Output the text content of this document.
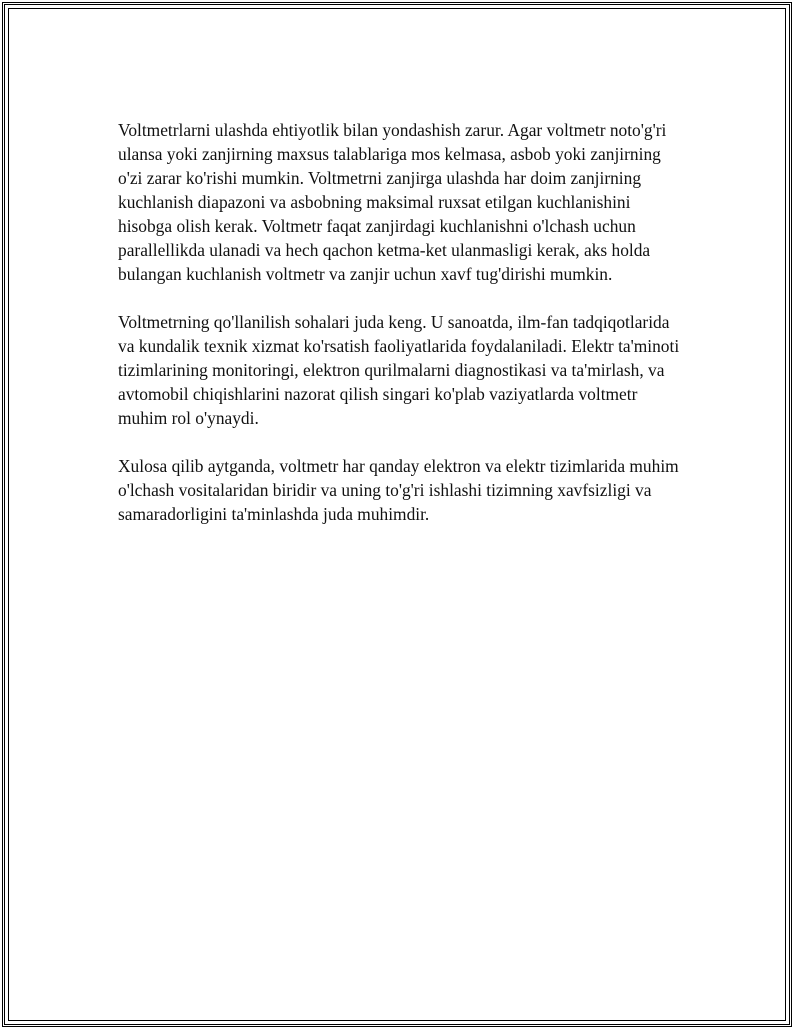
Voltmetrlarni ulashda ehtiyotlik bilan yondashish zarur. Agar voltmetr noto'g'ri ulansa yoki zanjirning maxsus talablariga mos kelmasa, asbob yoki zanjirning o'zi zarar ko'rishi mumkin. Voltmetrni zanjirga ulashda har doim zanjirning kuchlanish diapazoni va asbobning maksimal ruxsat etilgan kuchlanishini hisobga olish kerak. Voltmetr faqat zanjirdagi kuchlanishni o'lchash uchun parallellikda ulanadi va hech qachon ketma-ket ulanmasligi kerak, aks holda bulangan kuchlanish voltmetr va zanjir uchun xavf tug'dirishi mumkin.

Voltmetrning qo'llanilish sohalari juda keng. U sanoatda, ilm-fan tadqiqotlarida va kundalik texnik xizmat ko'rsatish faoliyatlarida foydalaniladi. Elektr ta'minoti tizimlarining monitoringi, elektron qurilmalarni diagnostikasi va ta'mirlash, va avtomobil chiqishlarini nazorat qilish singari ko'plab vaziyatlarda voltmetr muhim rol o'ynaydi.

Xulosa qilib aytganda, voltmetr har qanday elektron va elektr tizimlarida muhim o'lchash vositalaridan biridir va uning to'g'ri ishlashi tizimning xavfsizligi va samaradorligini ta'minlashda juda muhimdir.
